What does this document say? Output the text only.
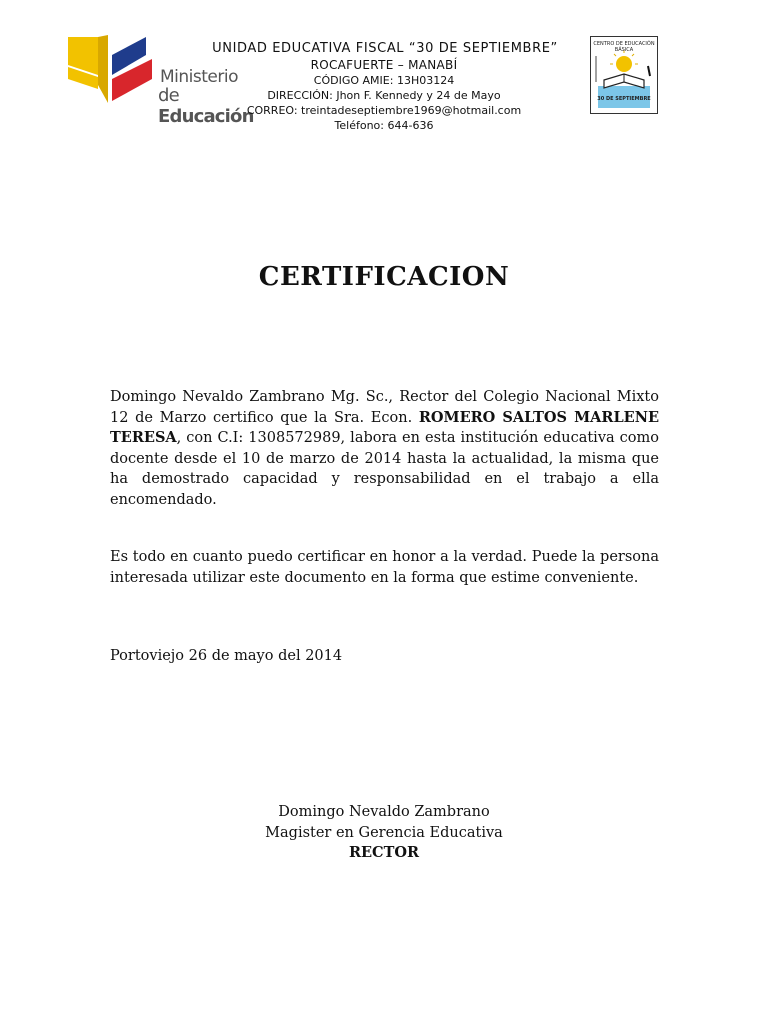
Ministerio
de Educación
CENTRO DE EDUCACIÓN BÁSICA
30 DE SEPTIEMBRE
UNIDAD EDUCATIVA FISCAL “30 DE SEPTIEMBRE”
ROCAFUERTE – MANABÍ
CÓDIGO AMIE: 13H03124
DIRECCIÓN: Jhon F. Kennedy y 24 de Mayo
CORREO: treintadeseptiembre1969@hotmail.com
Teléfono: 644-636
CERTIFICACION
Domingo Nevaldo Zambrano Mg. Sc., Rector del Colegio Nacional Mixto 12 de Marzo certifico que la Sra. Econ. ROMERO SALTOS MARLENE TERESA, con C.I: 1308572989, labora en esta institución educativa como docente desde el 10 de marzo de 2014 hasta la actualidad, la misma que ha demostrado capacidad y responsabilidad en el trabajo a ella encomendado.
Es todo en cuanto puedo certificar en honor a la verdad. Puede la persona interesada utilizar este documento en la forma que estime conveniente.
Portoviejo 26 de mayo del 2014
Domingo Nevaldo Zambrano
Magister en Gerencia Educativa
RECTOR
